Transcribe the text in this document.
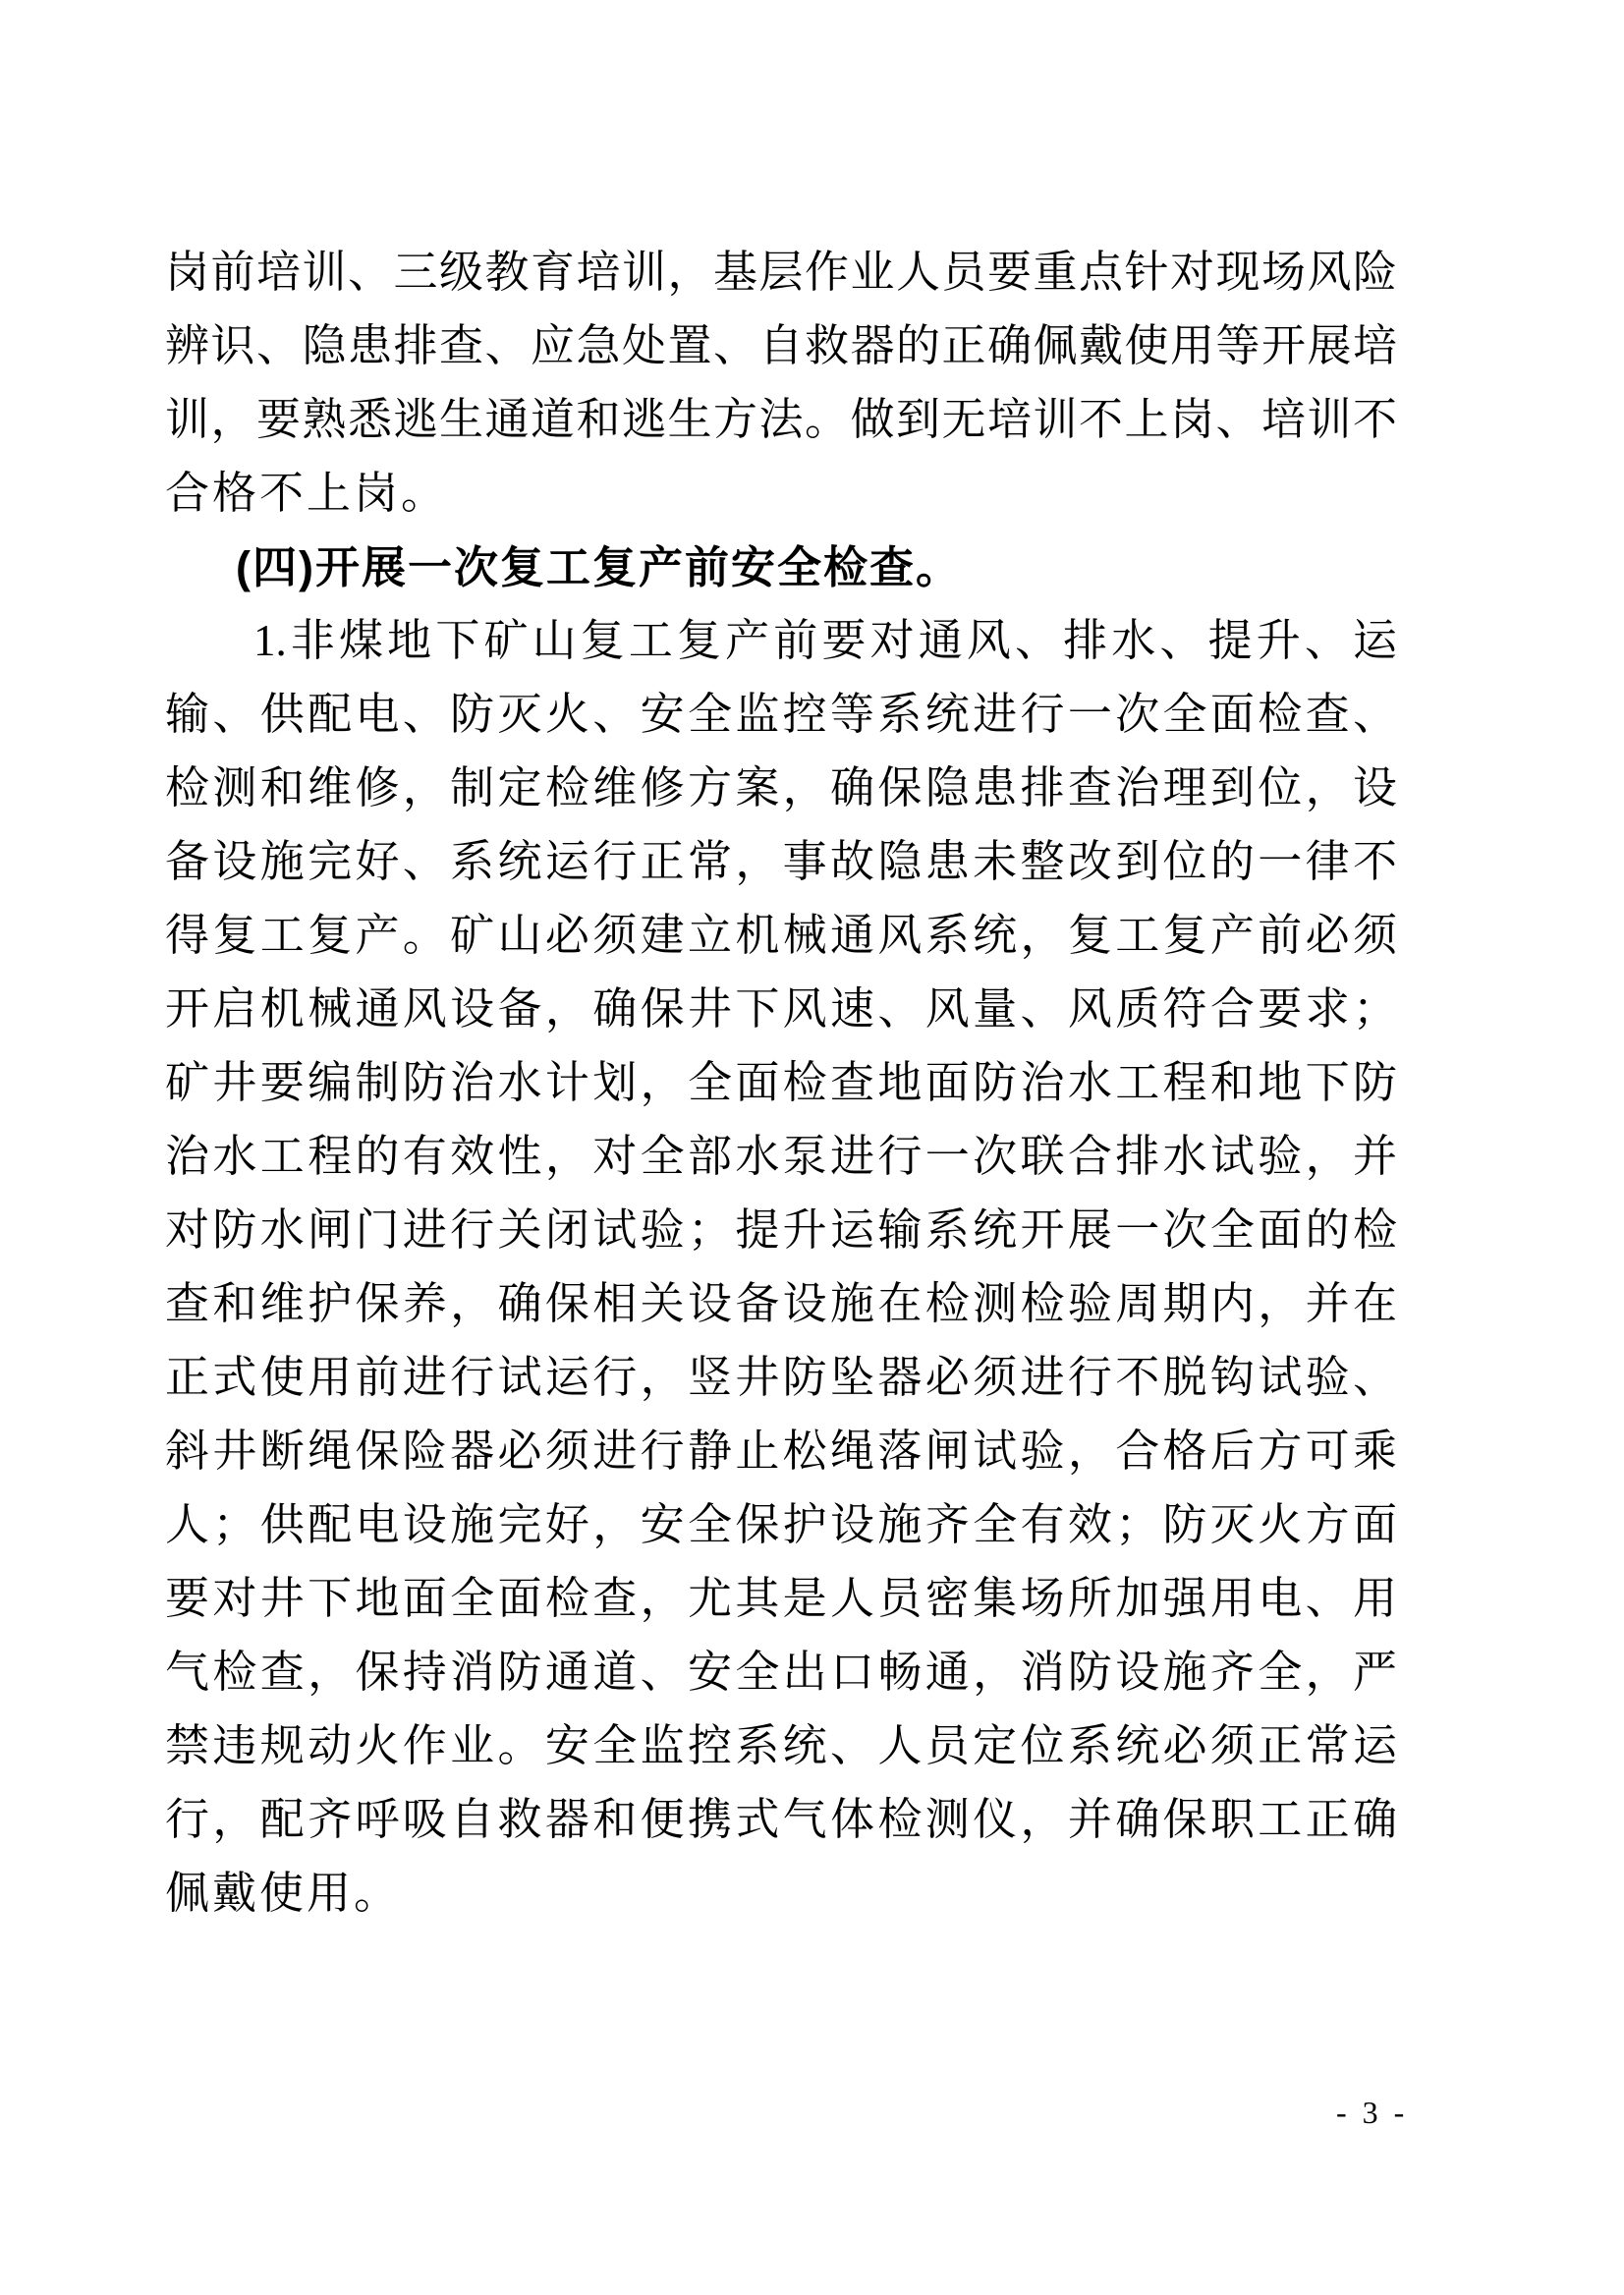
岗前培训、三级教育培训，基层作业人员要重点针对现场风险
辨识、隐患排查、应急处置、自救器的正确佩戴使用等开展培
训，要熟悉逃生通道和逃生方法。做到无培训不上岗、培训不
合格不上岗。
(四)开展一次复工复产前安全检查。
1.非煤地下矿山复工复产前要对通风、排水、提升、运
输、供配电、防灭火、安全监控等系统进行一次全面检查、
检测和维修，制定检维修方案，确保隐患排查治理到位，设
备设施完好、系统运行正常，事故隐患未整改到位的一律不
得复工复产。矿山必须建立机械通风系统，复工复产前必须
开启机械通风设备，确保井下风速、风量、风质符合要求；
矿井要编制防治水计划，全面检查地面防治水工程和地下防
治水工程的有效性，对全部水泵进行一次联合排水试验，并
对防水闸门进行关闭试验；提升运输系统开展一次全面的检
查和维护保养，确保相关设备设施在检测检验周期内，并在
正式使用前进行试运行，竖井防坠器必须进行不脱钩试验、
斜井断绳保险器必须进行静止松绳落闸试验，合格后方可乘
人；供配电设施完好，安全保护设施齐全有效；防灭火方面
要对井下地面全面检查，尤其是人员密集场所加强用电、用
气检查，保持消防通道、安全出口畅通，消防设施齐全，严
禁违规动火作业。安全监控系统、人员定位系统必须正常运
行，配齐呼吸自救器和便携式气体检测仪，并确保职工正确
佩戴使用。
- 3 -
